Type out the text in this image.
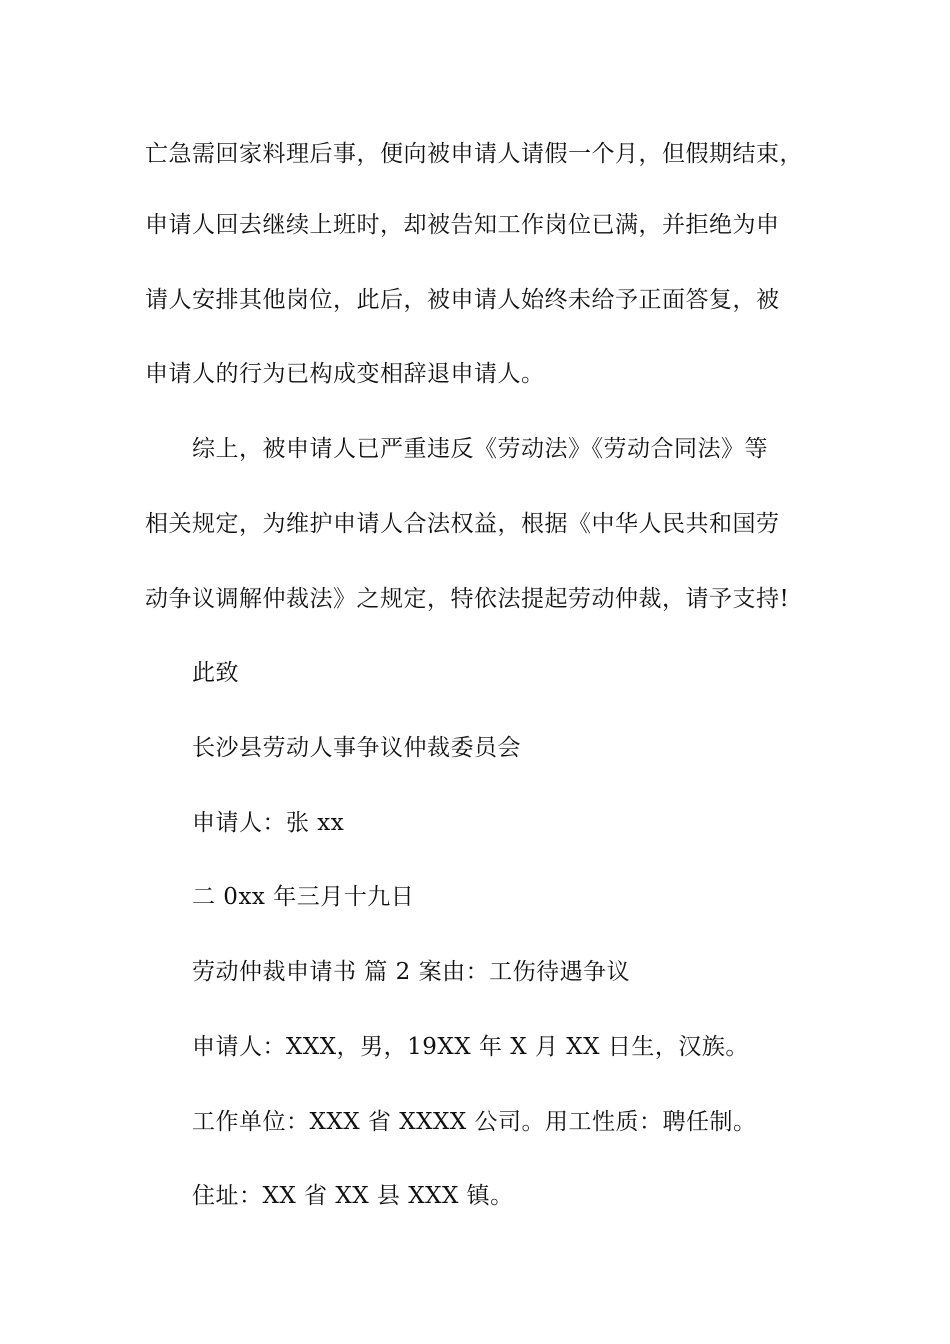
亡急需回家料理后事，便向被申请人请假一个月，但假期结束，
申请人回去继续上班时，却被告知工作岗位已满，并拒绝为申
请人安排其他岗位，此后，被申请人始终未给予正面答复，被
申请人的行为已构成变相辞退申请人。
综上，被申请人已严重违反《劳动法》《劳动合同法》等
相关规定，为维护申请人合法权益，根据《中华人民共和国劳
动争议调解仲裁法》之规定，特依法提起劳动仲裁，请予支持!
此致
长沙县劳动人事争议仲裁委员会
申请人：张 xx
二 0xx 年三月十九日
劳动仲裁申请书 篇 2 案由：工伤待遇争议
申请人：XXX，男，19XX 年 X 月 XX 日生，汉族。
工作单位：XXX 省 XXXX 公司。用工性质：聘任制。
住址：XX 省 XX 县 XXX 镇。
